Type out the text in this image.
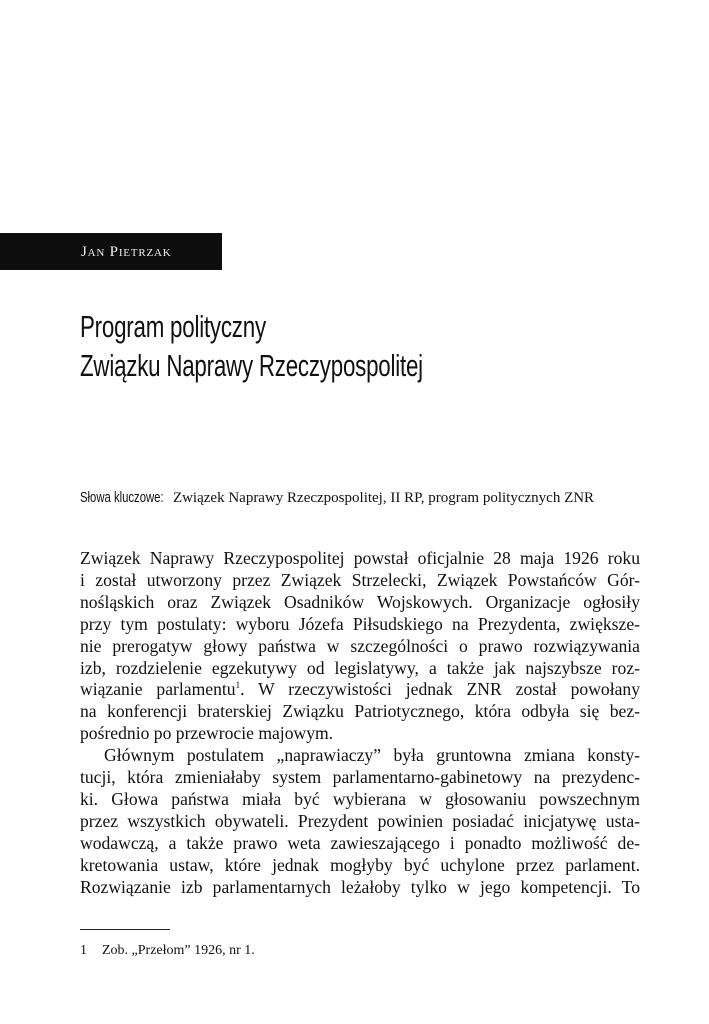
Jan Pietrzak
Program polityczny
Związku Naprawy Rzeczypospolitej
Słowa kluczowe: Związek Naprawy Rzeczpospolitej, II RP, program politycznych ZNR

Związek Naprawy Rzeczypospolitej powstał oficjalnie 28 maja 1926 roku
i został utworzony przez Związek Strzelecki, Związek Powstańców Gór-
nośląskich oraz Związek Osadników Wojskowych. Organizacje ogłosiły
przy tym postulaty: wyboru Józefa Piłsudskiego na Prezydenta, zwiększe-
nie prerogatyw głowy państwa w szczególności o prawo rozwiązywania
izb, rozdzielenie egzekutywy od legislatywy, a także jak najszybsze roz-
wiązanie parlamentu$^1$. W rzeczywistości jednak ZNR został powołany
na konferencji braterskiej Związku Patriotycznego, która odbyła się bez-
pośrednio po przewrocie majowym.

Głównym postulatem „naprawiaczy” była gruntowna zmiana konsty-
tucji, która zmieniałaby system parlamentarno-gabinetowy na prezydenc-
ki. Głowa państwa miała być wybierana w głosowaniu powszechnym
przez wszystkich obywateli. Prezydent powinien posiadać inicjatywę usta-
wodawczą, a także prawo weta zawieszającego i ponadto możliwość de-
kretowania ustaw, które jednak mogłyby być uchylone przez parlament.
Rozwiązanie izb parlamentarnych leżałoby tylko w jego kompetencji. To

1 Zob. „Przełom” 1926, nr 1.
